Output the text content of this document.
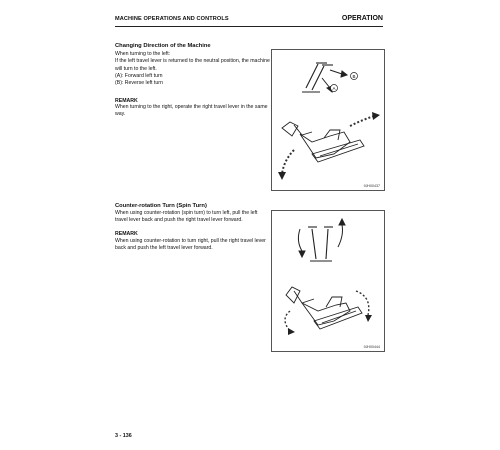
MACHINE OPERATIONS AND CONTROLS	OPERATION
Changing Direction of the Machine
When turning to the left:
If the left travel lever is returned to the neutral position, the machine
will turn to the left.
(A): Forward left turn
(B): Reverse left turn
REMARK
When turning to the right, operate the right travel lever in the same
way.
B
A
9JH00437
Counter-rotation Turn (Spin Turn)
When using counter-rotation (spin turn) to turn left, pull the left
travel lever back and push the right travel lever forward.
REMARK
When using counter-rotation to turn right, pull the right travel lever
back and push the left travel lever forward.
9JH00444
3 - 136
